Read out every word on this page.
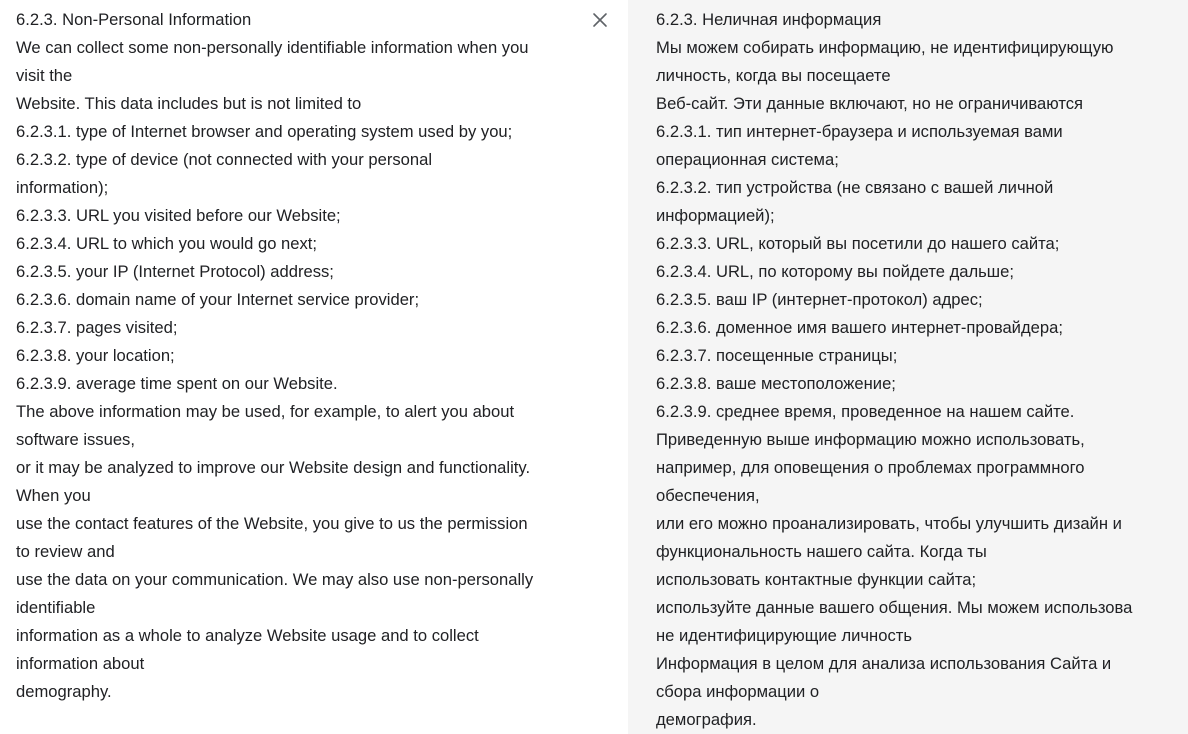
6.2.3. Non-Personal Information
We can collect some non-personally identifiable information when you
visit the
Website. This data includes but is not limited to
6.2.3.1. type of Internet browser and operating system used by you;
6.2.3.2. type of device (not connected with your personal
information);
6.2.3.3. URL you visited before our Website;
6.2.3.4. URL to which you would go next;
6.2.3.5. your IP (Internet Protocol) address;
6.2.3.6. domain name of your Internet service provider;
6.2.3.7. pages visited;
6.2.3.8. your location;
6.2.3.9. average time spent on our Website.
The above information may be used, for example, to alert you about
software issues,
or it may be analyzed to improve our Website design and functionality.
When you
use the contact features of the Website, you give to us the permission
to review and
use the data on your communication. We may also use non-personally
identifiable
information as a whole to analyze Website usage and to collect
information about
demography.
6.2.3. Неличная информация
Мы можем собирать информацию, не идентифицирующую
личность, когда вы посещаете
Веб-сайт. Эти данные включают, но не ограничиваются
6.2.3.1. тип интернет-браузера и используемая вами
операционная система;
6.2.3.2. тип устройства (не связано с вашей личной
информацией);
6.2.3.3. URL, который вы посетили до нашего сайта;
6.2.3.4. URL, по которому вы пойдете дальше;
6.2.3.5. ваш IP (интернет-протокол) адрес;
6.2.3.6. доменное имя вашего интернет-провайдера;
6.2.3.7. посещенные страницы;
6.2.3.8. ваше местоположение;
6.2.3.9. среднее время, проведенное на нашем сайте.
Приведенную выше информацию можно использовать,
например, для оповещения о проблемах программного
обеспечения,
или его можно проанализировать, чтобы улучшить дизайн и
функциональность нашего сайта. Когда ты
использовать контактные функции сайта;
используйте данные вашего общения. Мы можем использова
не идентифицирующие личность
Информация в целом для анализа использования Сайта и
сбора информации о
демография.
